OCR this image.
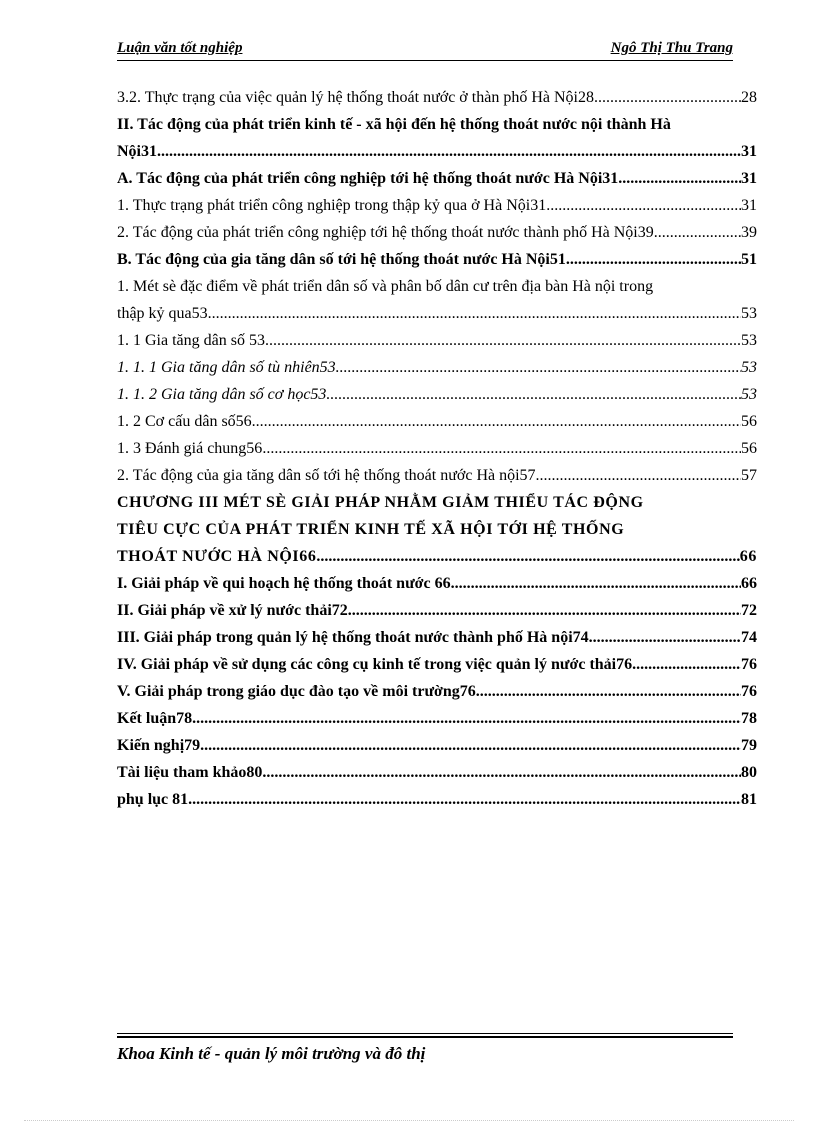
Luận văn tốt nghiệp	Ngô Thị Thu Trang
3.2. Thực trạng của việc quản lý hệ thống thoát nước ở thàn phố Hà Nội28 .....	28
II. Tác động của phát triển kinh tế - xã hội đến hệ thống thoát nước nội thành Hà
Nội31 .....	31
A. Tác động của phát triển công nghiệp tới hệ thống thoát nước Hà Nội31 .....	31
1. Thực trạng phát triển công nghiệp trong thập kỷ qua ở Hà Nội31 .....	31
2. Tác động của phát triển công nghiệp tới hệ thống thoát nước thành phố Hà Nội39 .....	39
B. Tác động của gia tăng dân số tới hệ thống thoát nước Hà Nội51 .....	51
1. Mét sè đặc điểm về phát triển dân số và phân bố dân cư trên địa bàn Hà nội trong
thập kỷ qua53 .....	53
1. 1 Gia tăng dân số 53 .....	53
1. 1. 1 Gia tăng dân số tù nhiên53 .....	53
1. 1. 2 Gia tăng dân số cơ học53 .....	53
1. 2 Cơ cấu dân số56 .....	56
1. 3 Đánh giá chung56 .....	56
2. Tác động của gia tăng dân số tới hệ thống thoát nước Hà nội57 .....	57
CHƯƠNG III MÉT SÈ GIẢI PHÁP NHẰM GIẢM THIỂU TÁC ĐỘNG
TIÊU CỰC CỦA PHÁT TRIỂN KINH TẾ XÃ HỘI TỚI HỆ THỐNG
THOÁT NƯỚC HÀ NỘI66 .....	66
I. Giải pháp về qui hoạch hệ thống thoát nước 66 .....	66
II. Giải pháp về xử lý nước thải72 .....	72
III. Giải pháp trong quản lý hệ thống thoát nước thành phố Hà nội74 .....	74
IV. Giải pháp về sử dụng các công cụ kinh tế trong việc quản lý nước thải76 .....	76
V. Giải pháp trong giáo dục đào tạo về môi trường76 .....	76
Kết luận78 .....	78
Kiến nghị79 .....	79
Tài liệu tham khảo80 .....	80
phụ lục 81 .....	81
Khoa Kinh tế - quản lý môi trường và đô thị
